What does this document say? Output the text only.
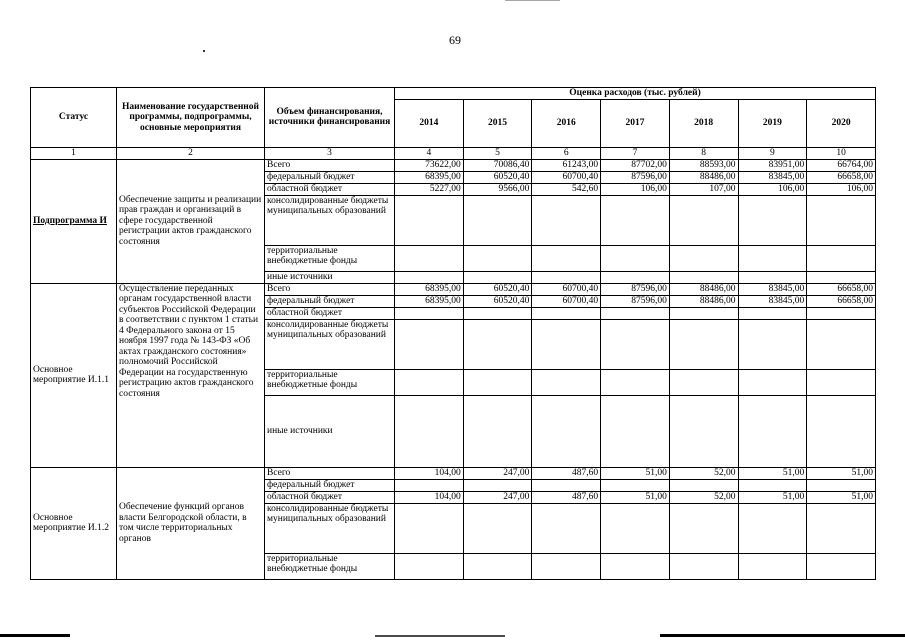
69
Статус	Наименование государственной программы, подпрограммы, основные мероприятия	Объем финансирования, источники финансирования	Оценка расходов (тыс. рублей)						
			2014	2015	2016	2017	2018	2019	2020
1	2	3	4	5	6	7	8	9	10
Подпрограмма И	Обеспечение защиты и реализации прав граждан и организаций в сфере государственной регистрации актов гражданского состояния	Всего	73622,00	70086,40	61243,00	87702,00	88593,00	83951,00	66764,00
		федеральный бюджет	68395,00	60520,40	60700,40	87596,00	88486,00	83845,00	66658,00
		областной бюджет	5227,00	9566,00	542,60	106,00	107,00	106,00	106,00
		консолидированные бюджеты муниципальных образований							
		территориальные внебюджетные фонды							
		иные источники							
Основное мероприятие И.1.1	Осуществление переданных органам государственной власти субъектов Российской Федерации в соответствии с пунктом 1 статьи 4 Федерального закона от 15 ноября 1997 года № 143-ФЗ «Об актах гражданского состояния» полномочий Российской Федерации на государственную регистрацию актов гражданского состояния	Всего	68395,00	60520,40	60700,40	87596,00	88486,00	83845,00	66658,00
		федеральный бюджет	68395,00	60520,40	60700,40	87596,00	88486,00	83845,00	66658,00
		областной бюджет							
		консолидированные бюджеты муниципальных образований							
		территориальные внебюджетные фонды							
		иные источники							
Основное мероприятие И.1.2	Обеспечение функций органов власти Белгородской области, в том числе территориальных органов	Всего	104,00	247,00	487,60	51,00	52,00	51,00	51,00
		федеральный бюджет							
		областной бюджет	104,00	247,00	487,60	51,00	52,00	51,00	51,00
		консолидированные бюджеты муниципальных образований							
		территориальные внебюджетные фонды							
